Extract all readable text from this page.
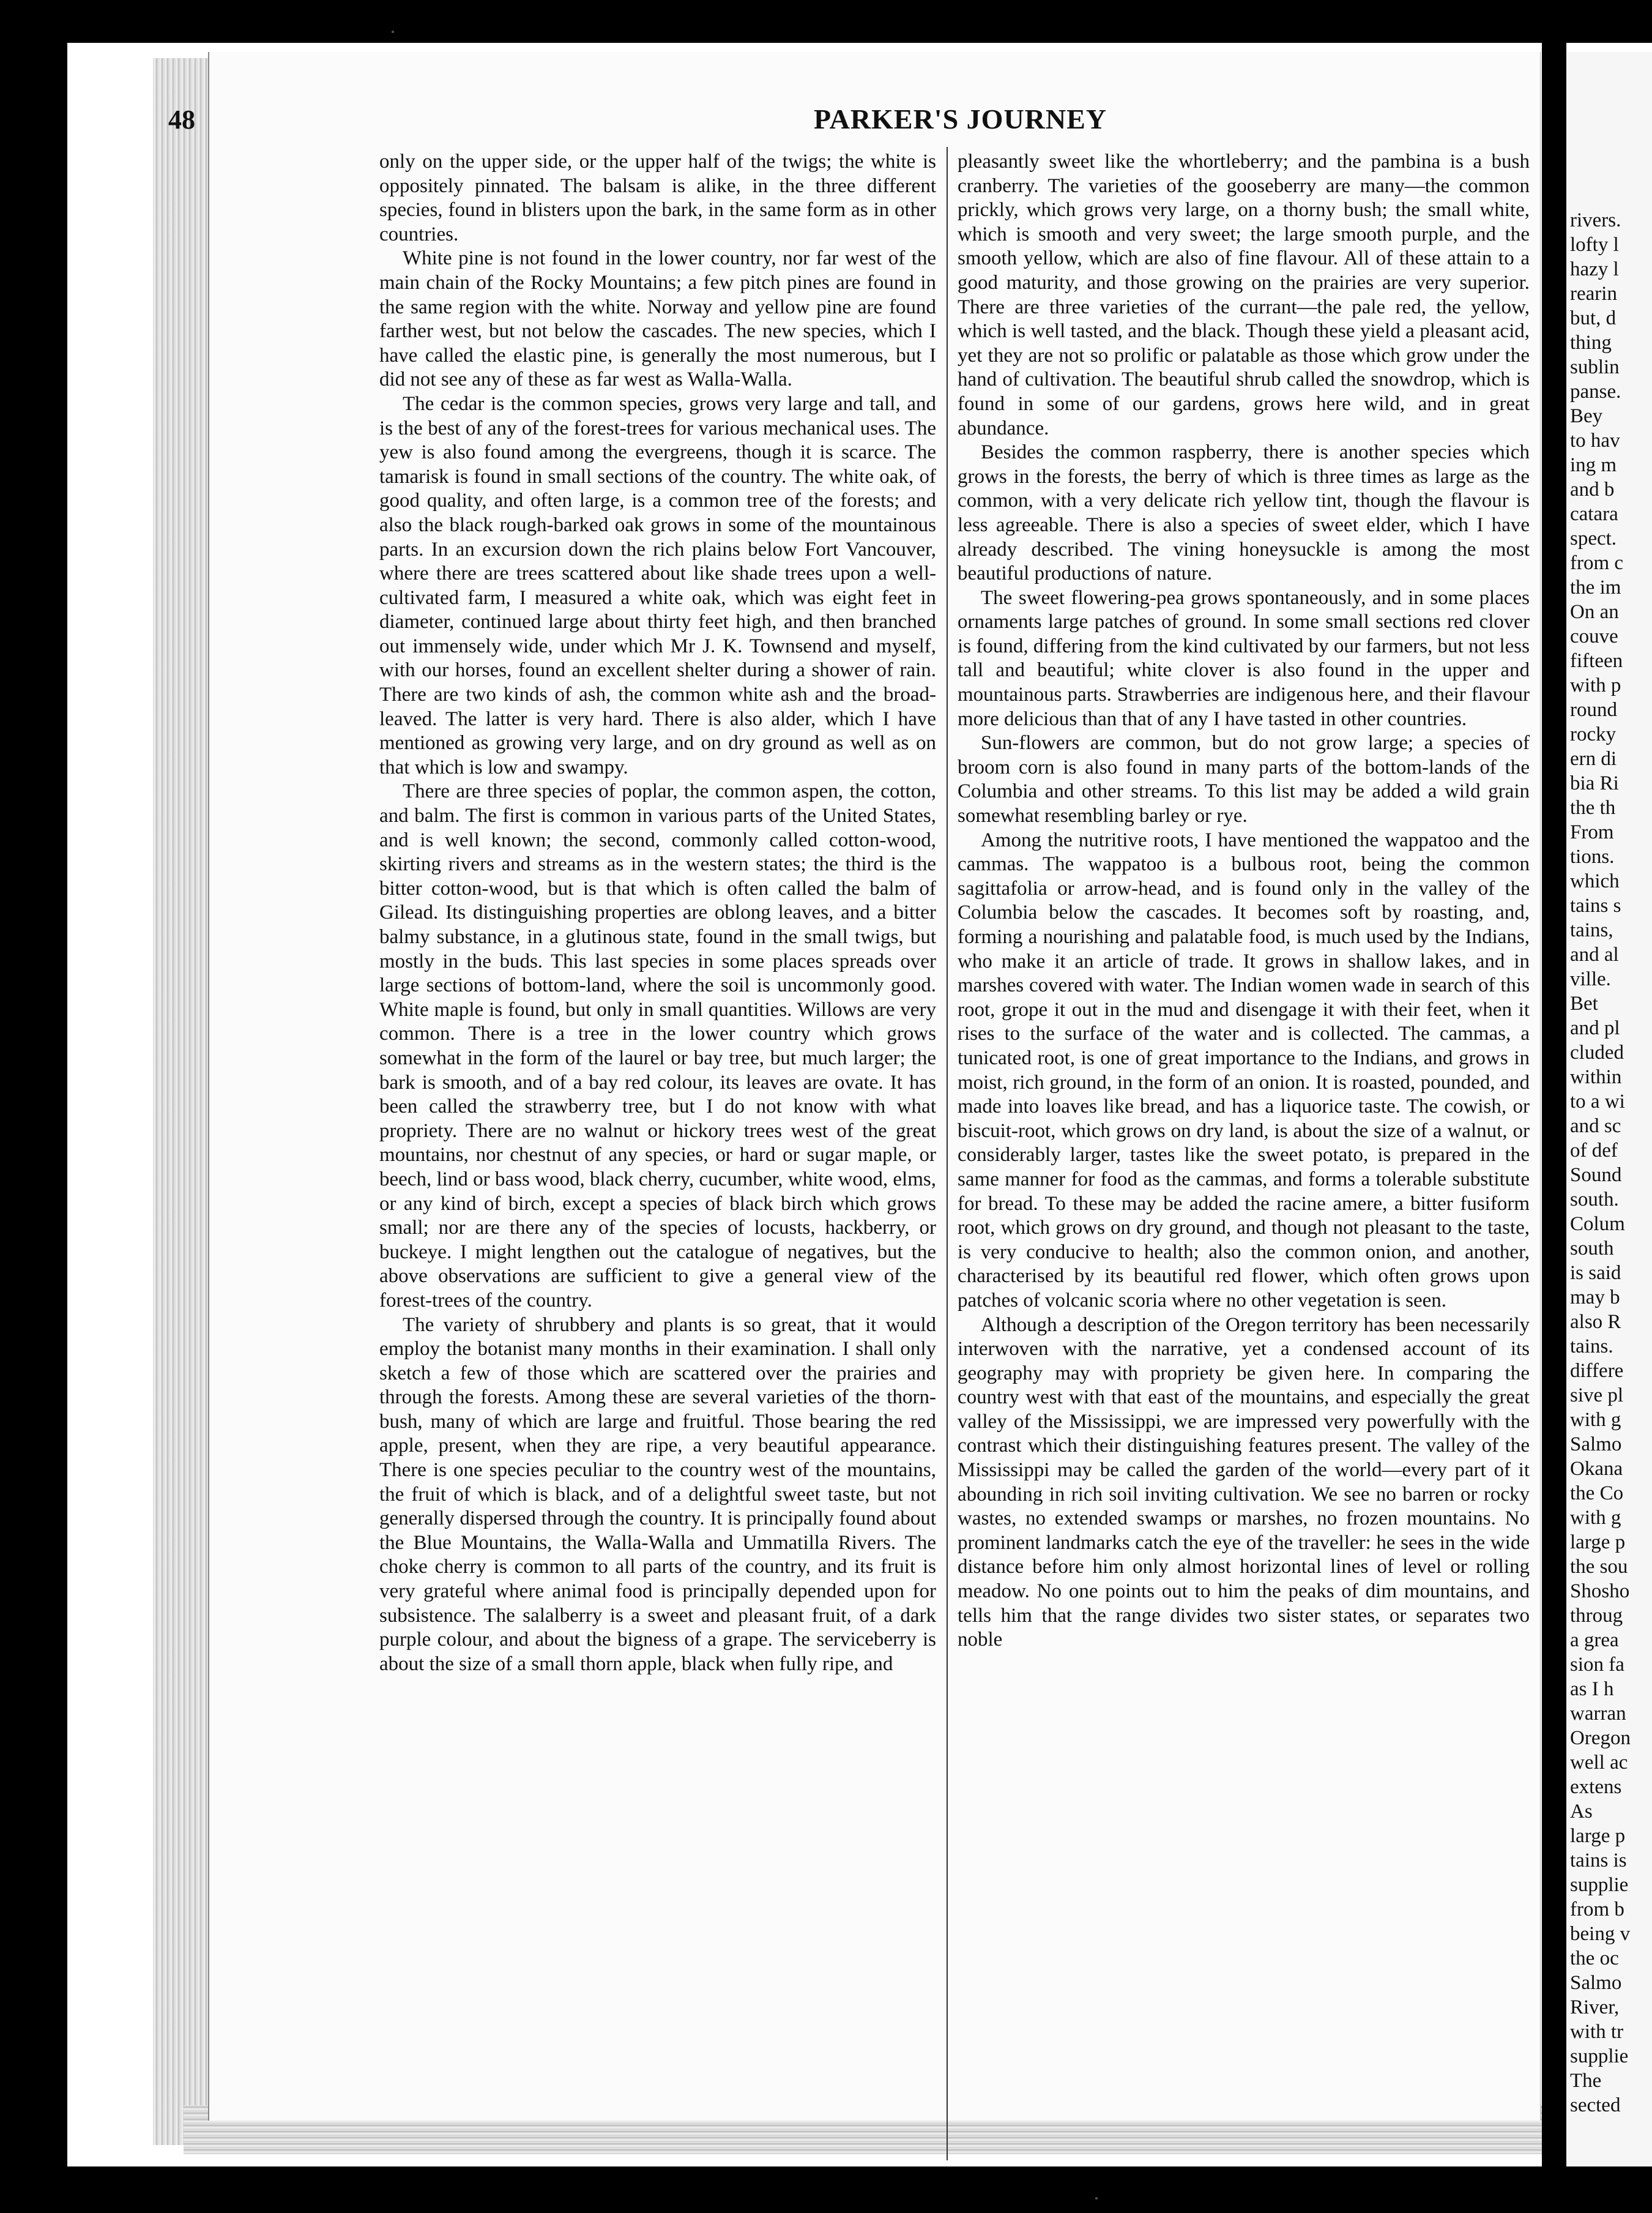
48	PARKER'S JOURNEY

only on the upper side, or the upper half of the twigs; the white is oppositely pinnated. The balsam is alike, in the three different species, found in blisters upon the bark, in the same form as in other countries.

White pine is not found in the lower country, nor far west of the main chain of the Rocky Mountains; a few pitch pines are found in the same region with the white. Norway and yellow pine are found farther west, but not below the cascades. The new species, which I have called the elastic pine, is generally the most numerous, but I did not see any of these as far west as Walla-Walla.

The cedar is the common species, grows very large and tall, and is the best of any of the forest-trees for various mechanical uses. The yew is also found among the evergreens, though it is scarce. The tamarisk is found in small sections of the country. The white oak, of good quality, and often large, is a common tree of the forests; and also the black rough-barked oak grows in some of the mountainous parts. In an excursion down the rich plains below Fort Vancouver, where there are trees scattered about like shade trees upon a well-cultivated farm, I measured a white oak, which was eight feet in diameter, continued large about thirty feet high, and then branched out immensely wide, under which Mr J. K. Townsend and myself, with our horses, found an excellent shelter during a shower of rain. There are two kinds of ash, the common white ash and the broad-leaved. The latter is very hard. There is also alder, which I have mentioned as growing very large, and on dry ground as well as on that which is low and swampy.

There are three species of poplar, the common aspen, the cotton, and balm. The first is common in various parts of the United States, and is well known; the second, commonly called cotton-wood, skirting rivers and streams as in the western states; the third is the bitter cotton-wood, but is that which is often called the balm of Gilead. Its distinguishing properties are oblong leaves, and a bitter balmy substance, in a glutinous state, found in the small twigs, but mostly in the buds. This last species in some places spreads over large sections of bottom-land, where the soil is uncommonly good. White maple is found, but only in small quantities. Willows are very common. There is a tree in the lower country which grows somewhat in the form of the laurel or bay tree, but much larger; the bark is smooth, and of a bay red colour, its leaves are ovate. It has been called the strawberry tree, but I do not know with what propriety. There are no walnut or hickory trees west of the great mountains, nor chestnut of any species, or hard or sugar maple, or beech, lind or bass wood, black cherry, cucumber, white wood, elms, or any kind of birch, except a species of black birch which grows small; nor are there any of the species of locusts, hackberry, or buckeye. I might lengthen out the catalogue of negatives, but the above observations are sufficient to give a general view of the forest-trees of the country.

The variety of shrubbery and plants is so great, that it would employ the botanist many months in their examination. I shall only sketch a few of those which are scattered over the prairies and through the forests. Among these are several varieties of the thorn-bush, many of which are large and fruitful. Those bearing the red apple, present, when they are ripe, a very beautiful appearance. There is one species peculiar to the country west of the mountains, the fruit of which is black, and of a delightful sweet taste, but not generally dispersed through the country. It is principally found about the Blue Mountains, the Walla-Walla and Ummatilla Rivers. The choke cherry is common to all parts of the country, and its fruit is very grateful where animal food is principally depended upon for subsistence. The salalberry is a sweet and pleasant fruit, of a dark purple colour, and about the bigness of a grape. The serviceberry is about the size of a small thorn apple, black when fully ripe, and

pleasantly sweet like the whortleberry; and the pambina is a bush cranberry. The varieties of the gooseberry are many—the common prickly, which grows very large, on a thorny bush; the small white, which is smooth and very sweet; the large smooth purple, and the smooth yellow, which are also of fine flavour. All of these attain to a good maturity, and those growing on the prairies are very superior. There are three varieties of the currant—the pale red, the yellow, which is well tasted, and the black. Though these yield a pleasant acid, yet they are not so prolific or palatable as those which grow under the hand of cultivation. The beautiful shrub called the snowdrop, which is found in some of our gardens, grows here wild, and in great abundance.

Besides the common raspberry, there is another species which grows in the forests, the berry of which is three times as large as the common, with a very delicate rich yellow tint, though the flavour is less agreeable. There is also a species of sweet elder, which I have already described. The vining honeysuckle is among the most beautiful productions of nature.

The sweet flowering-pea grows spontaneously, and in some places ornaments large patches of ground. In some small sections red clover is found, differing from the kind cultivated by our farmers, but not less tall and beautiful; white clover is also found in the upper and mountainous parts. Strawberries are indigenous here, and their flavour more delicious than that of any I have tasted in other countries.

Sun-flowers are common, but do not grow large; a species of broom corn is also found in many parts of the bottom-lands of the Columbia and other streams. To this list may be added a wild grain somewhat resembling barley or rye.

Among the nutritive roots, I have mentioned the wappatoo and the cammas. The wappatoo is a bulbous root, being the common sagittafolia or arrow-head, and is found only in the valley of the Columbia below the cascades. It becomes soft by roasting, and, forming a nourishing and palatable food, is much used by the Indians, who make it an article of trade. It grows in shallow lakes, and in marshes covered with water. The Indian women wade in search of this root, grope it out in the mud and disengage it with their feet, when it rises to the surface of the water and is collected. The cammas, a tunicated root, is one of great importance to the Indians, and grows in moist, rich ground, in the form of an onion. It is roasted, pounded, and made into loaves like bread, and has a liquorice taste. The cowish, or biscuit-root, which grows on dry land, is about the size of a walnut, or considerably larger, tastes like the sweet potato, is prepared in the same manner for food as the cammas, and forms a tolerable substitute for bread. To these may be added the racine amere, a bitter fusiform root, which grows on dry ground, and though not pleasant to the taste, is very conducive to health; also the common onion, and another, characterised by its beautiful red flower, which often grows upon patches of volcanic scoria where no other vegetation is seen.

Although a description of the Oregon territory has been necessarily interwoven with the narrative, yet a condensed account of its geography may with propriety be given here. In comparing the country west with that east of the mountains, and especially the great valley of the Mississippi, we are impressed very powerfully with the contrast which their distinguishing features present. The valley of the Mississippi may be called the garden of the world—every part of it abounding in rich soil inviting cultivation. We see no barren or rocky wastes, no extended swamps or marshes, no frozen mountains. No prominent landmarks catch the eye of the traveller: he sees in the wide distance before him only almost horizontal lines of level or rolling meadow. No one points out to him the peaks of dim mountains, and tells him that the range divides two sister states, or separates two noble

rivers.
lofty l
hazy l
rearin
but, d
thing
sublin
panse.
Bey
to hav
ing m
and b
catara
spect.
from c
the im
On an
couve
fifteen
with p
round
rocky
ern di
bia Ri
the th
From
tions.
which
tains s
tains,
and al
ville.
Bet
and pl
cluded
within
to a wi
and sc
of def
Sound
south.
Colum
south
is said
may b
also R
tains.
differe
sive pl
with g
Salmo
Okana
the Co
with g
large p
the sou
Shosho
throug
a grea
sion fa
as I h
warran
Oregon
well ac
extens
As
large p
tains is
supplie
from b
being v
the oc
Salmo
River,
with tr
supplie
The
sected
